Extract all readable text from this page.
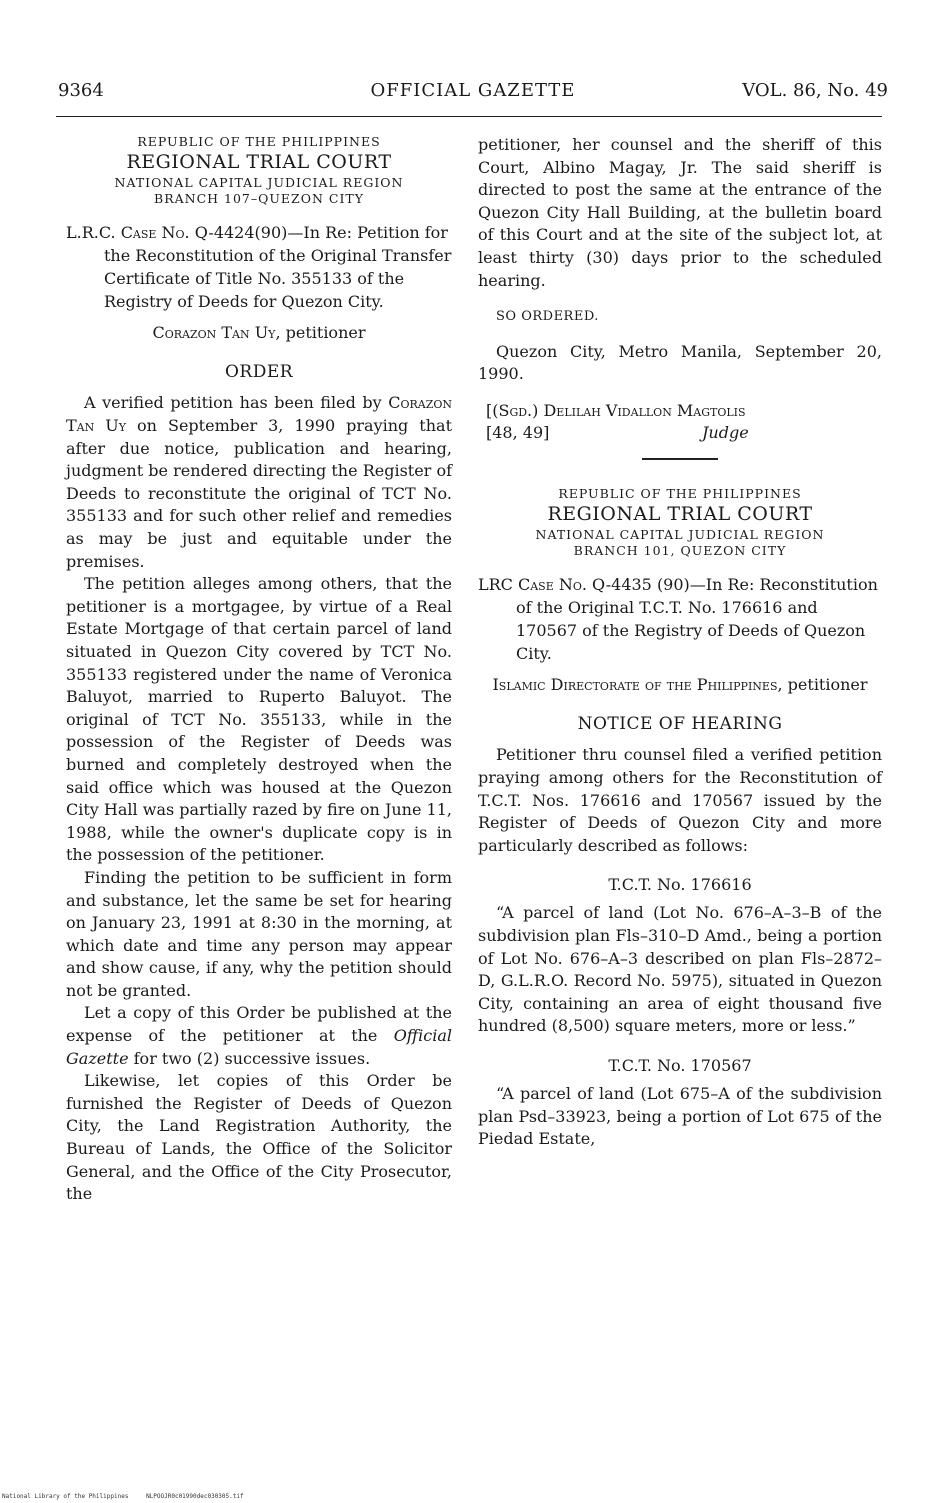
9364	OFFICIAL GAZETTE	VOL. 86, No. 49
REPUBLIC OF THE PHILIPPINES
REGIONAL TRIAL COURT
NATIONAL CAPITAL JUDICIAL REGION
BRANCH 107–QUEZON CITY

L.R.C. Case No. Q-4424(90)—In Re: Petition for the Reconstitution of the Original Transfer Certificate of Title No. 355133 of the Registry of Deeds for Quezon City.

Corazon Tan Uy, petitioner

ORDER

A verified petition has been filed by Corazon Tan Uy on September 3, 1990 praying that after due notice, publication and hearing, judgment be rendered directing the Register of Deeds to reconstitute the original of TCT No. 355133 and for such other relief and remedies as may be just and equitable under the premises.

The petition alleges among others, that the petitioner is a mortgagee, by virtue of a Real Estate Mortgage of that certain parcel of land situated in Quezon City covered by TCT No. 355133 registered under the name of Veronica Baluyot, married to Ruperto Baluyot. The original of TCT No. 355133, while in the possession of the Register of Deeds was burned and completely destroyed when the said office which was housed at the Quezon City Hall was partially razed by fire on June 11, 1988, while the owner's duplicate copy is in the possession of the petitioner.

Finding the petition to be sufficient in form and substance, let the same be set for hearing on January 23, 1991 at 8:30 in the morning, at which date and time any person may appear and show cause, if any, why the petition should not be granted.

Let a copy of this Order be published at the expense of the petitioner at the Official Gazette for two (2) successive issues.

Likewise, let copies of this Order be furnished the Register of Deeds of Quezon City, the Land Registration Authority, the Bureau of Lands, the Office of the Solicitor General, and the Office of the City Prosecutor, the

petitioner, her counsel and the sheriff of this Court, Albino Magay, Jr. The said sheriff is directed to post the same at the entrance of the Quezon City Hall Building, at the bulletin board of this Court and at the site of the subject lot, at least thirty (30) days prior to the scheduled hearing.

SO ORDERED.

Quezon City, Metro Manila, September 20, 1990.

[(Sgd.) Delilah Vidallon Magtolis
[48, 49]	Judge
REPUBLIC OF THE PHILIPPINES
REGIONAL TRIAL COURT
NATIONAL CAPITAL JUDICIAL REGION
BRANCH 101, QUEZON CITY

LRC Case No. Q-4435 (90)—In Re: Reconstitution of the Original T.C.T. No. 176616 and 170567 of the Registry of Deeds of Quezon City.

Islamic Directorate of the Philippines, petitioner

NOTICE OF HEARING

Petitioner thru counsel filed a verified petition praying among others for the Reconstitution of T.C.T. Nos. 176616 and 170567 issued by the Register of Deeds of Quezon City and more particularly described as follows:

T.C.T. No. 176616

“A parcel of land (Lot No. 676–A–3–B of the subdivision plan Fls–310–D Amd., being a portion of Lot No. 676–A–3 described on plan Fls–2872–D, G.L.R.O. Record No. 5975), situated in Quezon City, containing an area of eight thousand five hundred (8,500) square meters, more or less.”

T.C.T. No. 170567

“A parcel of land (Lot 675–A of the subdivision plan Psd–33923, being a portion of Lot 675 of the Piedad Estate,

National Library of the Philippines	NLPOOJR0c01990dec030305.tif
